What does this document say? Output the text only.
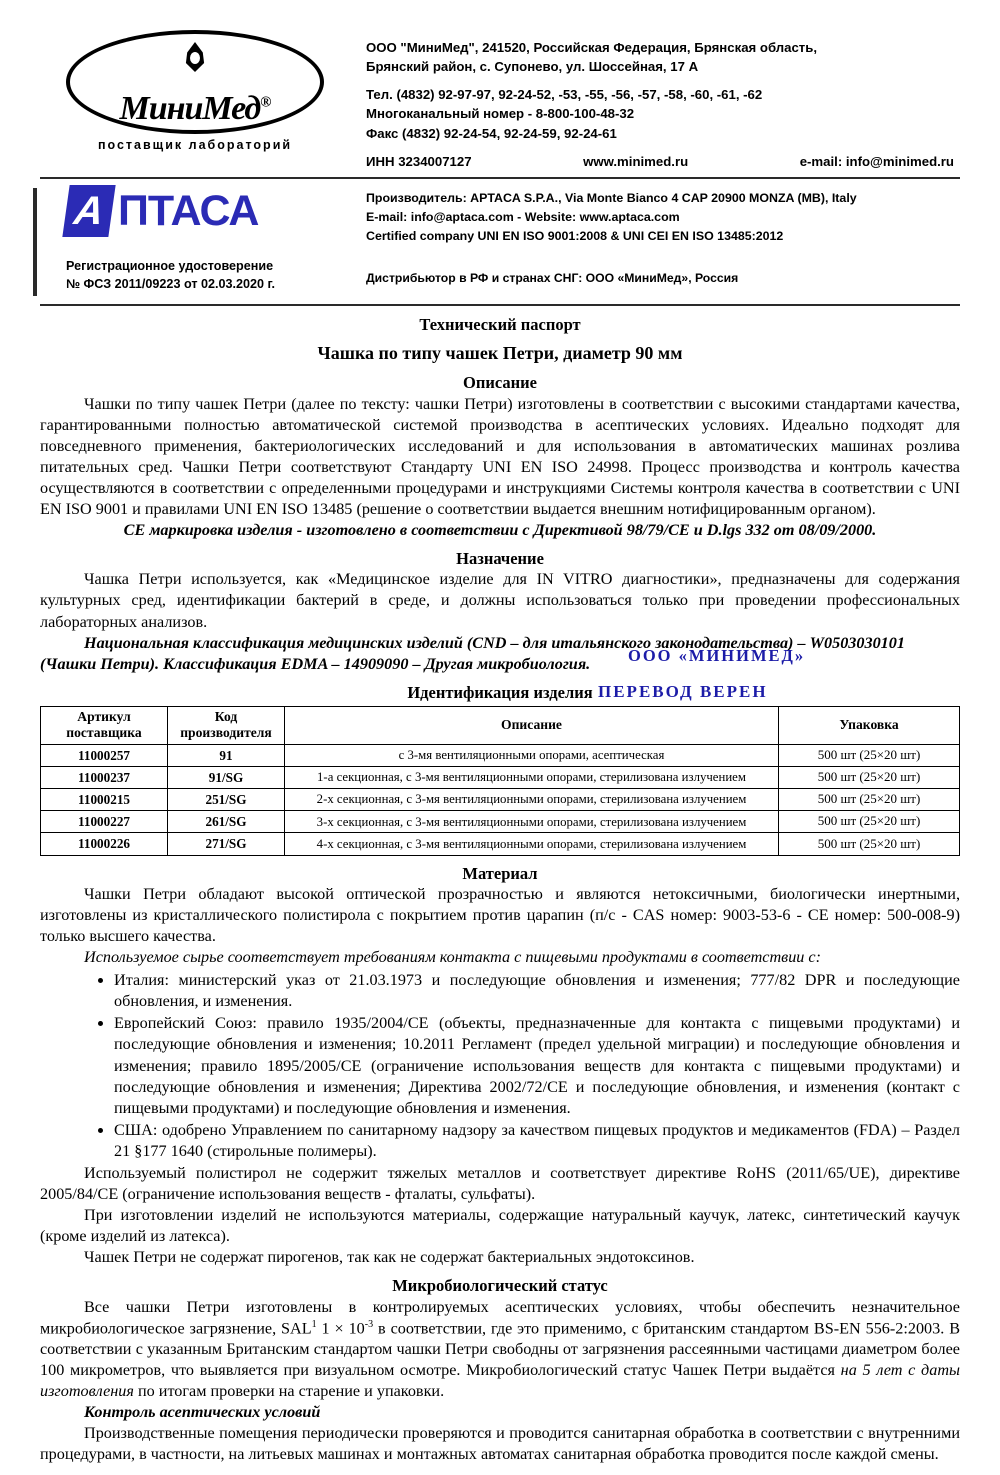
МиниМед®
поставщик лабораторий
ООО "МиниМед", 241520, Российская Федерация, Брянская область,
Брянский район, с. Супонево, ул. Шоссейная, 17 А
Тел. (4832) 92-97-97, 92-24-52, -53, -55, -56, -57, -58, -60, -61, -62
Многоканальный номер - 8-800-100-48-32
Факс (4832) 92-24-54, 92-24-59, 92-24-61
ИНН 3234007127	www.minimed.ru	e-mail: info@minimed.ru
A ПТАСА	Производитель: APTACA S.P.A., Via Monte Bianco 4 CAP 20900 MONZA (MB), Italy
E-mail: info@aptaca.com - Website: www.aptaca.com
Certified company UNI EN ISO 9001:2008 & UNI CEI EN ISO 13485:2012
Регистрационное удостоверение
№ ФСЗ 2011/09223 от 02.03.2020 г.	Дистрибьютор в РФ и странах СНГ: ООО «МиниМед», Россия
Технический паспорт
Чашка по типу чашек Петри, диаметр 90 мм
Описание

Чашки по типу чашек Петри (далее по тексту: чашки Петри) изготовлены в соответствии с высокими стандартами качества, гарантированными полностью автоматической системой производства в асептических условиях. Идеально подходят для повседневного применения, бактериологических исследований и для использования в автоматических машинах розлива питательных сред. Чашки Петри соответствуют Стандарту UNI EN ISO 24998. Процесс производства и контроль качества осуществляются в соответствии с определенными процедурами и инструкциями Системы контроля качества в соответствии с UNI EN ISO 9001 и правилами UNI EN ISO 13485 (решение о соответствии выдается внешним нотифицированным органом).

CE маркировка изделия - изготовлено в соответствии с Директивой 98/79/CE и D.lgs 332 от 08/09/2000.

Назначение

Чашка Петри используется, как «Медицинское изделие для IN VITRO диагностики», предназначены для содержания культурных сред, идентификации бактерий в среде, и должны использоваться только при проведении профессиональных лабораторных анализов.

Национальная классификация медицинских изделий (CND – для итальянского законодательства) – W0503030101

(Чашки Петри). Классификация EDMA – 14909090 – Другая микробиология.

Идентификация изделия
Артикул поставщика	Код производителя	Описание	Упаковка
11000257	91	с 3-мя вентиляционными опорами, асептическая	500 шт (25×20 шт)
11000237	91/SG	1-а секционная, с 3-мя вентиляционными опорами, стерилизована излучением	500 шт (25×20 шт)
11000215	251/SG	2-х секционная, с 3-мя вентиляционными опорами, стерилизована излучением	500 шт (25×20 шт)
11000227	261/SG	3-х секционная, с 3-мя вентиляционными опорами, стерилизована излучением	500 шт (25×20 шт)
11000226	271/SG	4-х секционная, с 3-мя вентиляционными опорами, стерилизована излучением	500 шт (25×20 шт)
Материал

Чашки Петри обладают высокой оптической прозрачностью и являются нетоксичными, биологически инертными, изготовлены из кристаллического полистирола с покрытием против царапин (п/с - CAS номер: 9003-53-6 - CE номер: 500-008-9) только высшего качества.

Используемое сырье соответствует требованиям контакта с пищевыми продуктами в соответствии с:

• Италия: министерский указ от 21.03.1973 и последующие обновления и изменения; 777/82 DPR и последующие обновления, и изменения.
• Европейский Союз: правило 1935/2004/CE (объекты, предназначенные для контакта с пищевыми продуктами) и последующие обновления и изменения; 10.2011 Регламент (предел удельной миграции) и последующие обновления и изменения; правило 1895/2005/CE (ограничение использования веществ для контакта с пищевыми продуктами) и последующие обновления и изменения; Директива 2002/72/CE и последующие обновления, и изменения (контакт с пищевыми продуктами) и последующие обновления и изменения.
• США: одобрено Управлением по санитарному надзору за качеством пищевых продуктов и медикаментов (FDA) – Раздел 21 §177 1640 (стирольные полимеры).

Используемый полистирол не содержит тяжелых металлов и соответствует директиве RoHS (2011/65/UE), директиве 2005/84/CE (ограничение использования веществ - фталаты, сульфаты).

При изготовлении изделий не используются материалы, содержащие натуральный каучук, латекс, синтетический каучук (кроме изделий из латекса).

Чашек Петри не содержат пирогенов, так как не содержат бактериальных эндотоксинов.

Микробиологический статус

Все чашки Петри изготовлены в контролируемых асептических условиях, чтобы обеспечить незначительное микробиологическое загрязнение, SAL$^1$ $1 \times 10^{-3}$ в соответствии, где это применимо, с британским стандартом BS-EN 556-2:2003. В соответствии с указанным Британским стандартом чашки Петри свободны от загрязнения рассеянными частицами диаметром более 100 микрометров, что выявляется при визуальном осмотре. Микробиологический статус Чашек Петри выдаётся на 5 лет с даты изготовления по итогам проверки на старение и упаковки.

Контроль асептических условий

Производственные помещения периодически проверяются и проводится санитарная обработка в соответствии с внутренними процедурами, в частности, на литьевых машинах и монтажных автоматах санитарная обработка проводится после каждой смены.

ООО «МИНИМЕД»
ПЕРЕВОД ВЕРЕН
